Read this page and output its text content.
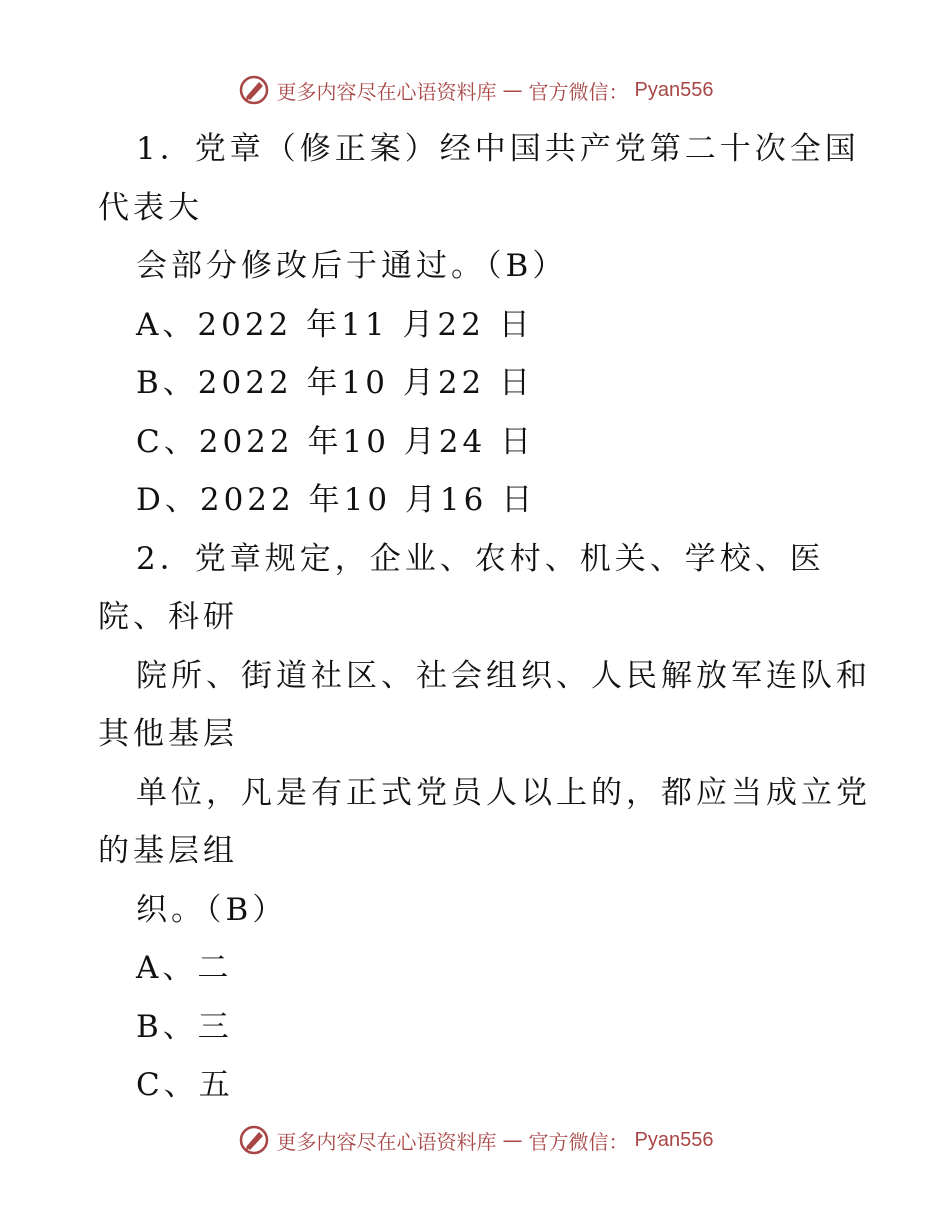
更多内容尽在心语资料库 — 官方微信： Pyan556
1．党章（修正案）经中国共产党第二十次全国
代表大
会部分修改后于通过。（B）
A、2022 年11 月22 日
B、2022 年10 月22 日
C、2022 年10 月24 日
D、2022 年10 月16 日
2．党章规定，企业、农村、机关、学校、医
院、科研
院所、街道社区、社会组织、人民解放军连队和
其他基层
单位，凡是有正式党员人以上的，都应当成立党
的基层组
织。（B）
A、二
B、三
C、五
更多内容尽在心语资料库 — 官方微信： Pyan556
